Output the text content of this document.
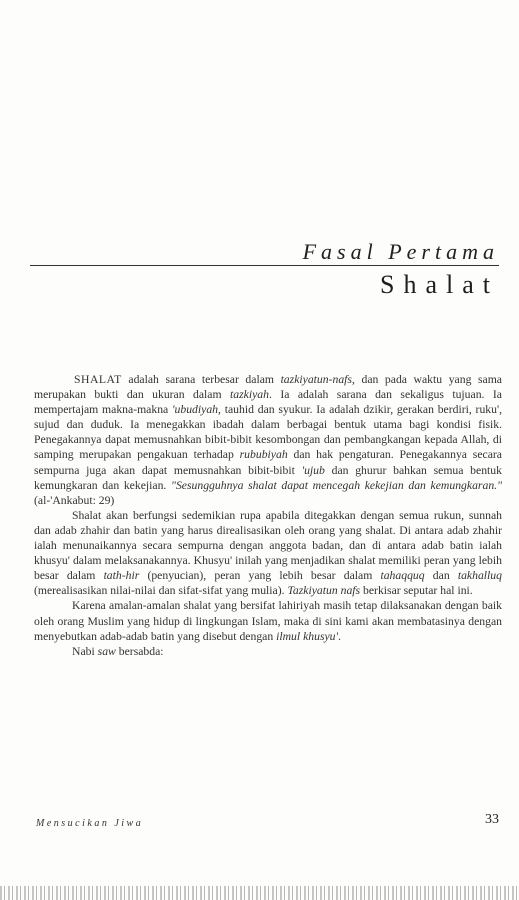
Fasal Pertama
Shalat

SHALAT adalah sarana terbesar dalam tazkiyatun-nafs, dan pada waktu yang sama merupakan bukti dan ukuran dalam tazkiyah. Ia adalah sarana dan sekaligus tujuan. Ia mempertajam makna-makna 'ubudiyah, tauhid dan syukur. Ia adalah dzikir, gerakan berdiri, ruku', sujud dan duduk. Ia menegakkan ibadah dalam berbagai bentuk utama bagi kondisi fisik. Penegakannya dapat memusnahkan bibit-bibit kesombongan dan pembangkangan kepada Allah, di samping merupakan pengakuan terhadap rububiyah dan hak pengaturan. Penegakannya secara sempurna juga akan dapat memusnahkan bibit-bibit 'ujub dan ghurur bahkan semua bentuk kemungkaran dan kekejian. "Sesungguhnya shalat dapat mencegah kekejian dan kemungkaran." (al-'Ankabut: 29)

Shalat akan berfungsi sedemikian rupa apabila ditegakkan dengan semua rukun, sunnah dan adab zhahir dan batin yang harus direalisasikan oleh orang yang shalat. Di antara adab zhahir ialah menunaikannya secara sempurna dengan anggota badan, dan di antara adab batin ialah khusyu' dalam melaksanakannya. Khusyu' inilah yang menjadikan shalat memiliki peran yang lebih besar dalam tath-hir (penyucian), peran yang lebih besar dalam tahaqquq dan takhalluq (merealisasikan nilai-nilai dan sifat-sifat yang mulia). Tazkiyatun nafs berkisar seputar hal ini.

Karena amalan-amalan shalat yang bersifat lahiriyah masih tetap dilaksanakan dengan baik oleh orang Muslim yang hidup di lingkungan Islam, maka di sini kami akan membatasinya dengan menyebutkan adab-adab batin yang disebut dengan ilmul khusyu'.

Nabi saw bersabda:

Mensucikan Jiwa	33
